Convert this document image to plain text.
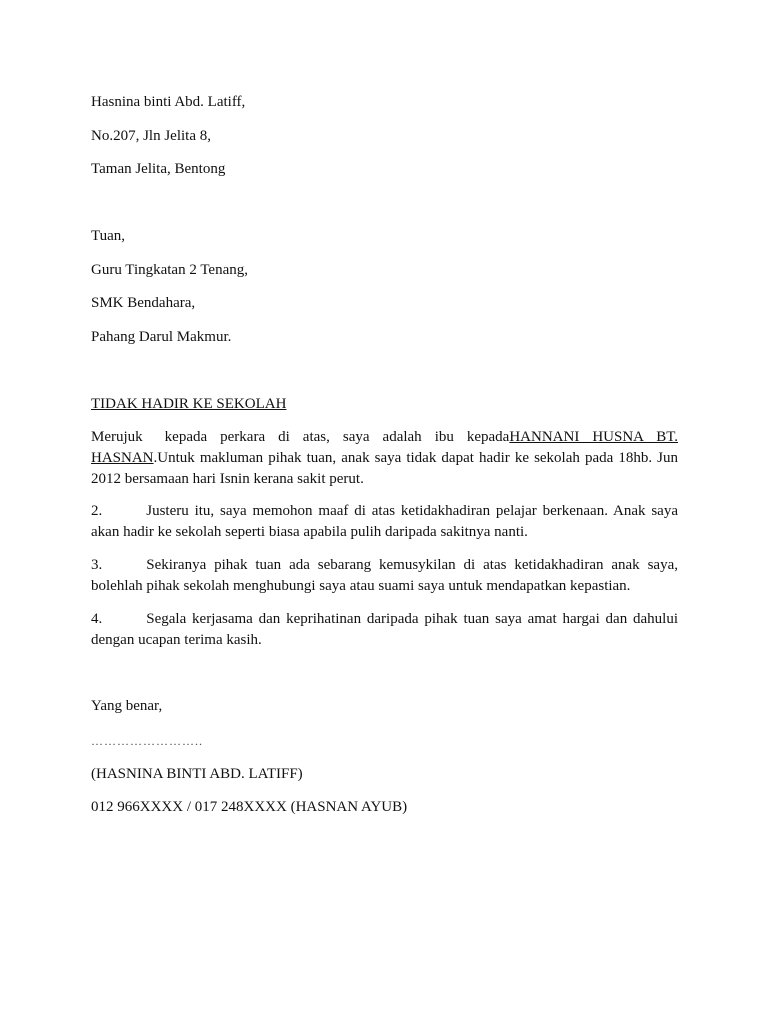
Hasnina binti Abd. Latiff,
No.207, Jln Jelita 8,
Taman Jelita, Bentong
Tuan,
Guru Tingkatan 2 Tenang,
SMK Bendahara,
Pahang Darul Makmur.
TIDAK HADIR KE SEKOLAH
Merujuk kepada perkara di atas, saya adalah ibu kepadaHANNANI HUSNA BT. HASNAN.Untuk makluman pihak tuan, anak saya tidak dapat hadir ke sekolah pada 18hb. Jun 2012 bersamaan hari Isnin kerana sakit perut.
2.	Justeru itu, saya memohon maaf di atas ketidakhadiran pelajar berkenaan. Anak saya akan hadir ke sekolah seperti biasa apabila pulih daripada sakitnya nanti.
3.	Sekiranya pihak tuan ada sebarang kemusykilan di atas ketidakhadiran anak saya, bolehlah pihak sekolah menghubungi saya atau suami saya untuk mendapatkan kepastian.
4.	Segala kerjasama dan keprihatinan daripada pihak tuan saya amat hargai dan dahului dengan ucapan terima kasih.
Yang benar,
……………………..
(HASNINA BINTI ABD. LATIFF)
012 966XXXX / 017 248XXXX (HASNAN AYUB)
